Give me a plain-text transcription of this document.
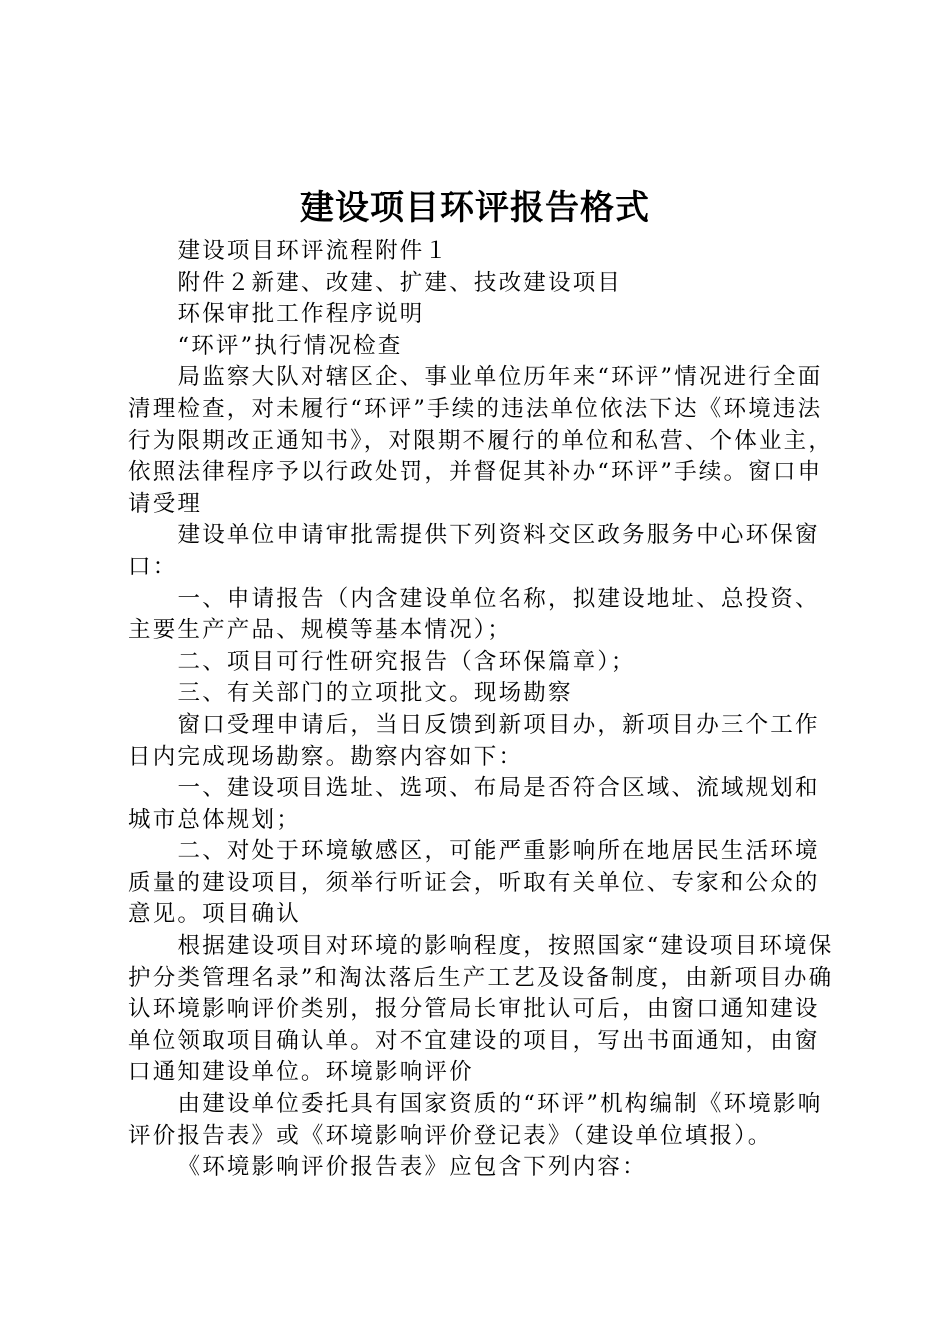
建设项目环评报告格式

建设项目环评流程附件１

附件２新建、改建、扩建、技改建设项目

环保审批工作程序说明

“环评”执行情况检查

局监察大队对辖区企、事业单位历年来“环评”情况进行全面清理检查，对未履行“环评”手续的违法单位依法下达《环境违法行为限期改正通知书》，对限期不履行的单位和私营、个体业主，依照法律程序予以行政处罚，并督促其补办“环评”手续。窗口申请受理

建设单位申请审批需提供下列资料交区政务服务中心环保窗口：

一、申请报告（内含建设单位名称，拟建设地址、总投资、主要生产产品、规模等基本情况）；

二、项目可行性研究报告（含环保篇章）；

三、有关部门的立项批文。现场勘察

窗口受理申请后，当日反馈到新项目办，新项目办三个工作日内完成现场勘察。勘察内容如下：

一、建设项目选址、选项、布局是否符合区域、流域规划和城市总体规划；

二、对处于环境敏感区，可能严重影响所在地居民生活环境质量的建设项目，须举行听证会，听取有关单位、专家和公众的意见。项目确认

根据建设项目对环境的影响程度，按照国家“建设项目环境保护分类管理名录”和淘汰落后生产工艺及设备制度，由新项目办确认环境影响评价类别，报分管局长审批认可后，由窗口通知建设单位领取项目确认单。对不宜建设的项目，写出书面通知，由窗口通知建设单位。环境影响评价

由建设单位委托具有国家资质的“环评”机构编制《环境影响评价报告表》或《环境影响评价登记表》（建设单位填报）。

《环境影响评价报告表》应包含下列内容：
